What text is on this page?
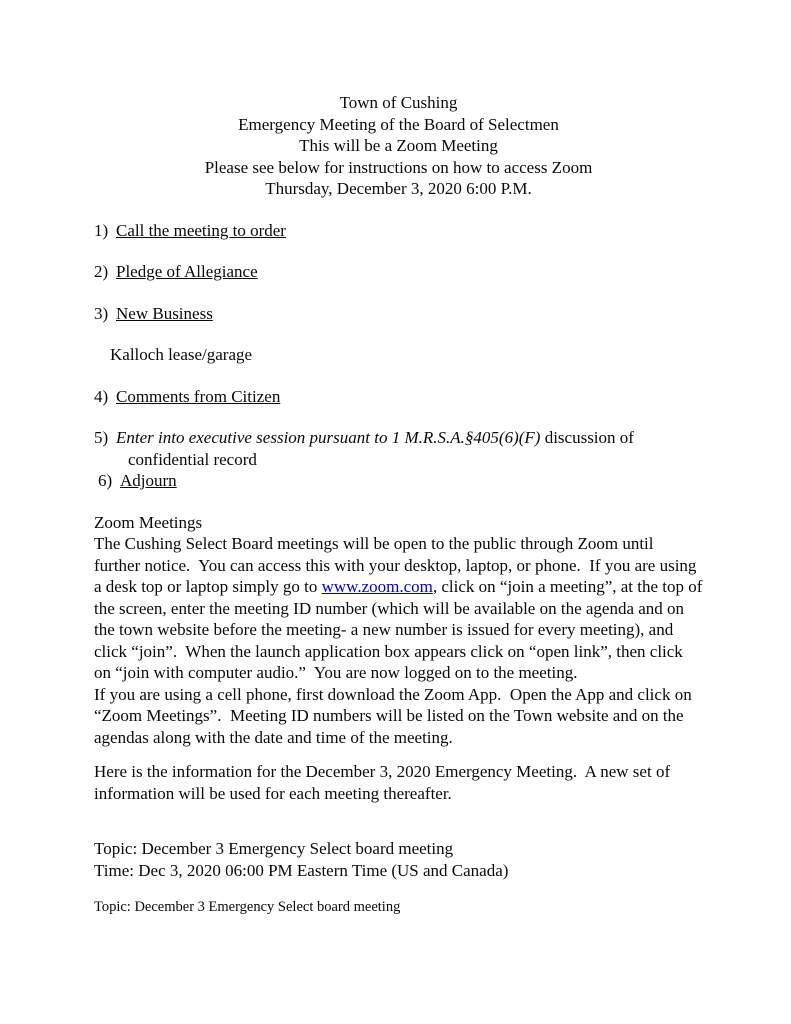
Town of Cushing
Emergency Meeting of the Board of Selectmen
This will be a Zoom Meeting
Please see below for instructions on how to access Zoom
Thursday, December 3, 2020 6:00 P.M.
1) Call the meeting to order
2) Pledge of Allegiance
3) New Business
Kalloch lease/garage
4) Comments from Citizen
5) Enter into executive session pursuant to 1 M.R.S.A.§405(6)(F) discussion of confidential record
6) Adjourn

Zoom Meetings

The Cushing Select Board meetings will be open to the public through Zoom until further notice.  You can access this with your desktop, laptop, or phone.  If you are using a desk top or laptop simply go to www.zoom.com, click on “join a meeting”, at the top of the screen, enter the meeting ID number (which will be available on the agenda and on the town website before the meeting- a new number is issued for every meeting), and click “join”.  When the launch application box appears click on “open link”, then click on “join with computer audio.”  You are now logged on to the meeting.

If you are using a cell phone, first download the Zoom App.  Open the App and click on “Zoom Meetings”.  Meeting ID numbers will be listed on the Town website and on the agendas along with the date and time of the meeting.

Here is the information for the December 3, 2020 Emergency Meeting.  A new set of information will be used for each meeting thereafter.

Topic: December 3 Emergency Select board meeting

Time: Dec 3, 2020 06:00 PM Eastern Time (US and Canada)

Topic: December 3 Emergency Select board meeting
